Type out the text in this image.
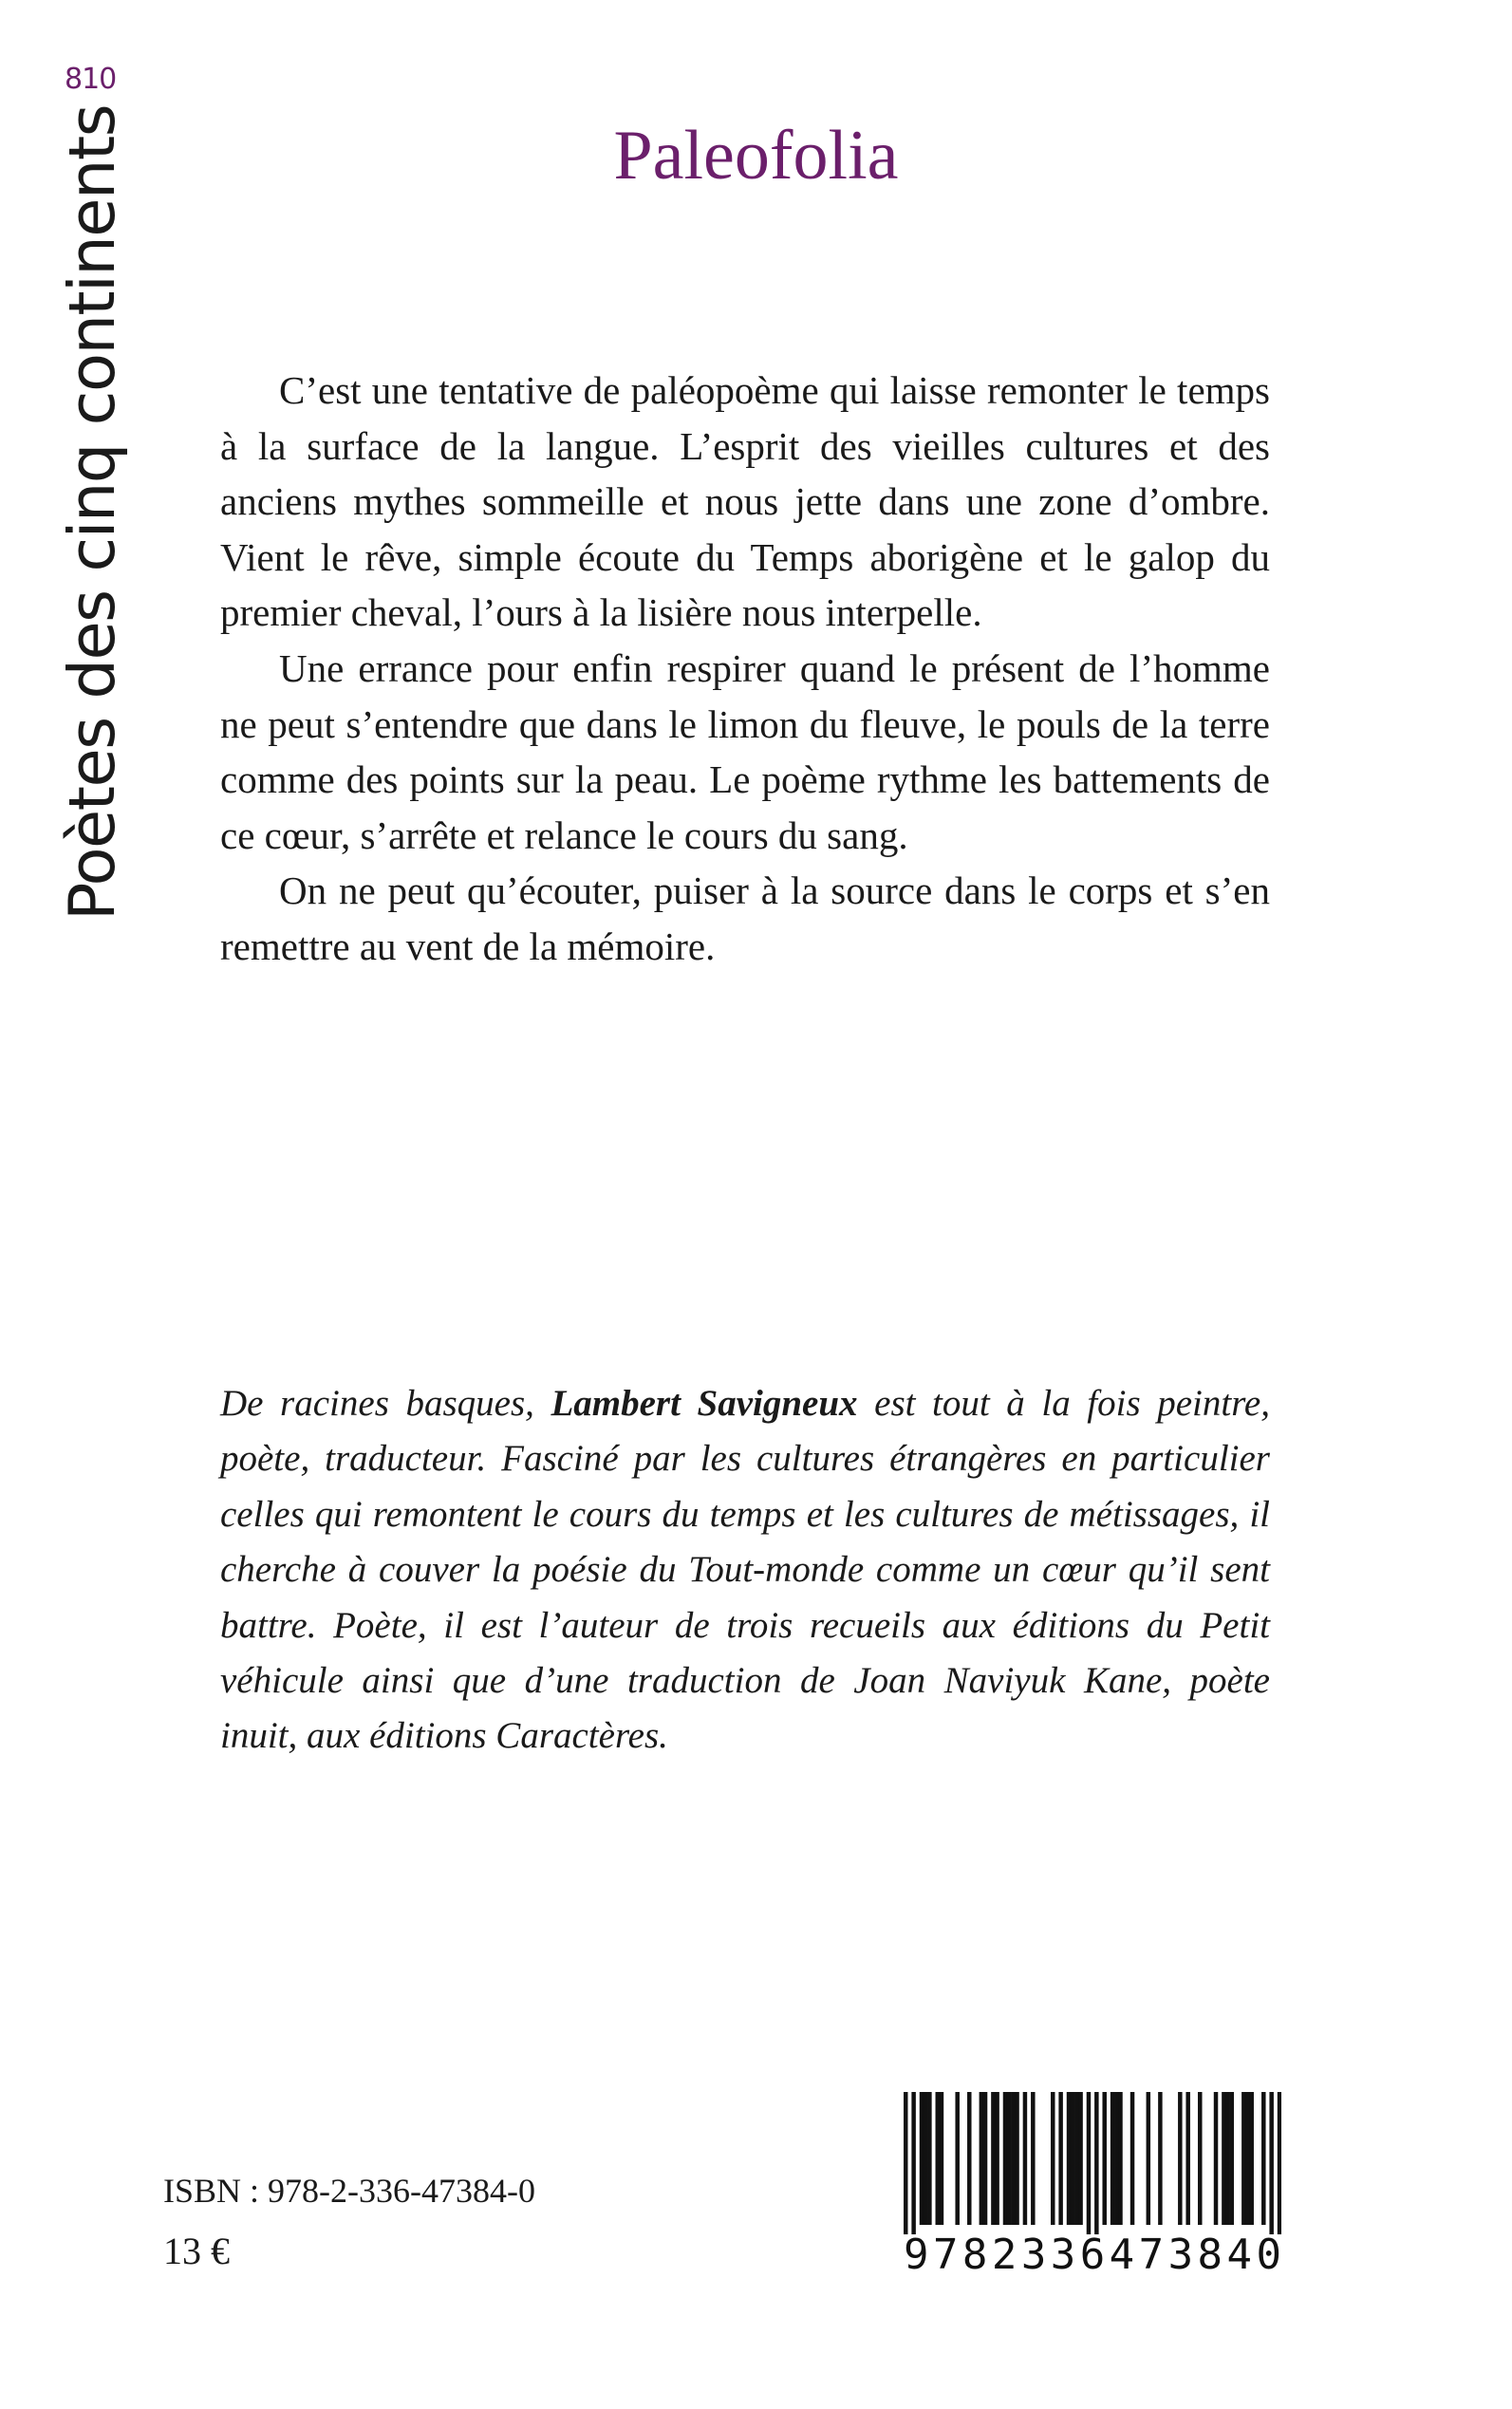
810
Poètes des cinq continents	Paleofolia

C’est une tentative de paléopoème qui laisse remonter le temps à la surface de la langue. L’esprit des vieilles cultures et des anciens mythes sommeille et nous jette dans une zone d’ombre. Vient le rêve, simple écoute du Temps aborigène et le galop du premier cheval, l’ours à la lisière nous interpelle.

Une errance pour enfin respirer quand le présent de l’homme ne peut s’entendre que dans le limon du fleuve, le pouls de la terre comme des points sur la peau. Le poème rythme les battements de ce cœur, s’arrête et relance le cours du sang.

On ne peut qu’écouter, puiser à la source dans le corps et s’en remettre au vent de la mémoire.

De racines basques, Lambert Savigneux est tout à la fois peintre, poète, traducteur. Fasciné par les cultures étrangères en particulier celles qui remontent le cours du temps et les cultures de métissages, il cherche à couver la poésie du Tout-monde comme un cœur qu’il sent battre. Poète, il est l’auteur de trois recueils aux éditions du Petit véhicule ainsi que d’une traduction de Joan Naviyuk Kane, poète inuit, aux éditions Caractères.

ISBN : 978-2-336-47384-0
13 €	9 7 8 2 3 3 6 4 7 3 8 4 0
